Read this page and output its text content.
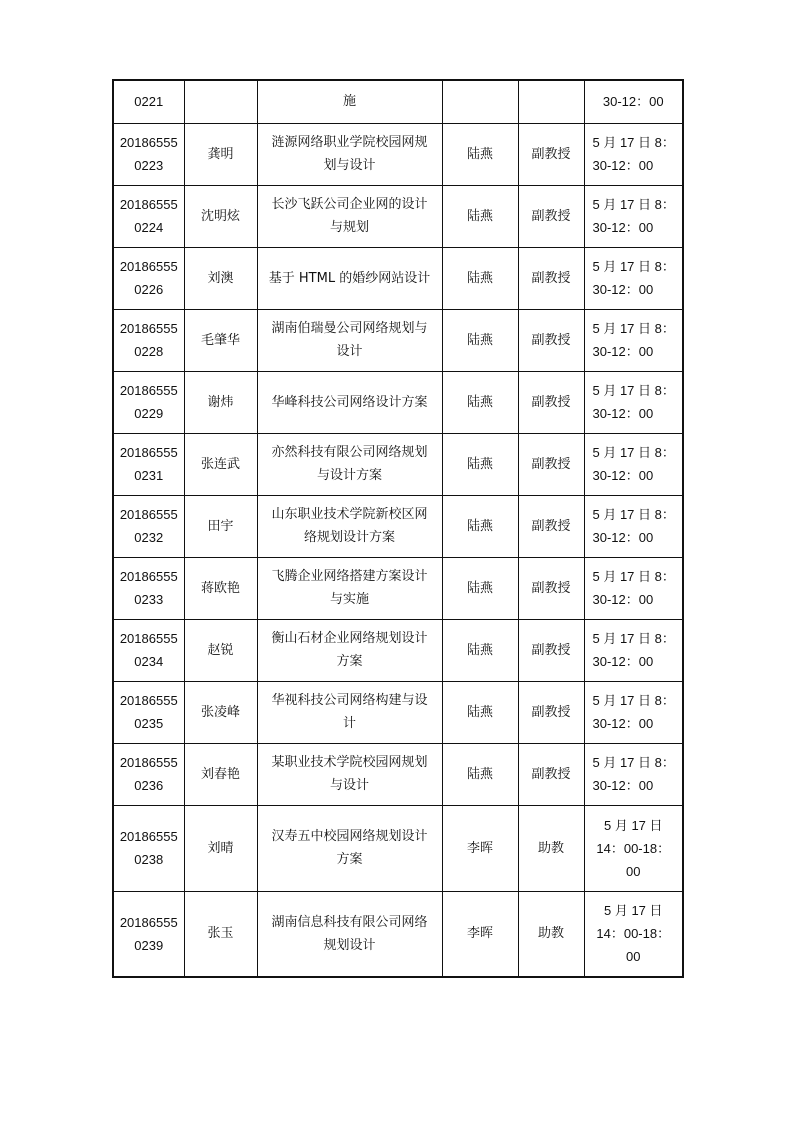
0221		施			30-12：00

20186555
0223	龚明	涟源网络职业学院校园网规
划与设计	陆燕	副教授	5 月 17 日 8：
30-12：00

20186555
0224	沈明炫	长沙飞跃公司企业网的设计
与规划	陆燕	副教授	5 月 17 日 8：
30-12：00

20186555
0226	刘澳	基于 HTML 的婚纱网站设计	陆燕	副教授	5 月 17 日 8：
30-12：00

20186555
0228	毛肇华	湖南伯瑞曼公司网络规划与
设计	陆燕	副教授	5 月 17 日 8：
30-12：00

20186555
0229	谢炜	华峰科技公司网络设计方案	陆燕	副教授	5 月 17 日 8：
30-12：00

20186555
0231	张连武	亦然科技有限公司网络规划
与设计方案	陆燕	副教授	5 月 17 日 8：
30-12：00

20186555
0232	田宇	山东职业技术学院新校区网
络规划设计方案	陆燕	副教授	5 月 17 日 8：
30-12：00

20186555
0233	蒋欧艳	飞腾企业网络搭建方案设计
与实施	陆燕	副教授	5 月 17 日 8：
30-12：00

20186555
0234	赵锐	衡山石材企业网络规划设计
方案	陆燕	副教授	5 月 17 日 8：
30-12：00

20186555
0235	张凌峰	华视科技公司网络构建与设
计	陆燕	副教授	5 月 17 日 8：
30-12：00

20186555
0236	刘春艳	某职业技术学院校园网规划
与设计	陆燕	副教授	5 月 17 日 8：
30-12：00

20186555
0238	刘晴	汉寿五中校园网络规划设计
方案	李晖	助教	5 月 17 日
14：00-18：
00

20186555
0239	张玉	湖南信息科技有限公司网络
规划设计	李晖	助教	5 月 17 日
14：00-18：
00
